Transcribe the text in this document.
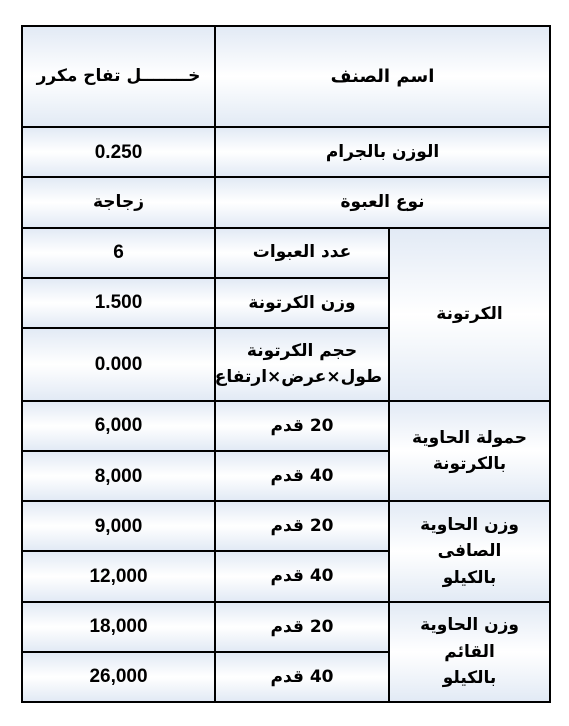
خــــــــل تفاح مكرر	اسم الصنف	
0.250	الوزن بالجرام	
زجاجة	نوع العبوة	
6	عدد العبوات	الكرتونة
1.500	وزن الكرتونة	
0.000	حجم الكرتونة
طول×عرض×ارتفاع	

6,000	20 قدم	حمولة الحاوية
بالكرتونة

8,000	40 قدم	
9,000	20 قدم	وزن الحاوية الصافى
بالكيلو

12,000	40 قدم	
18,000	20 قدم	وزن الحاوية القائم
بالكيلو

26,000	40 قدم	
